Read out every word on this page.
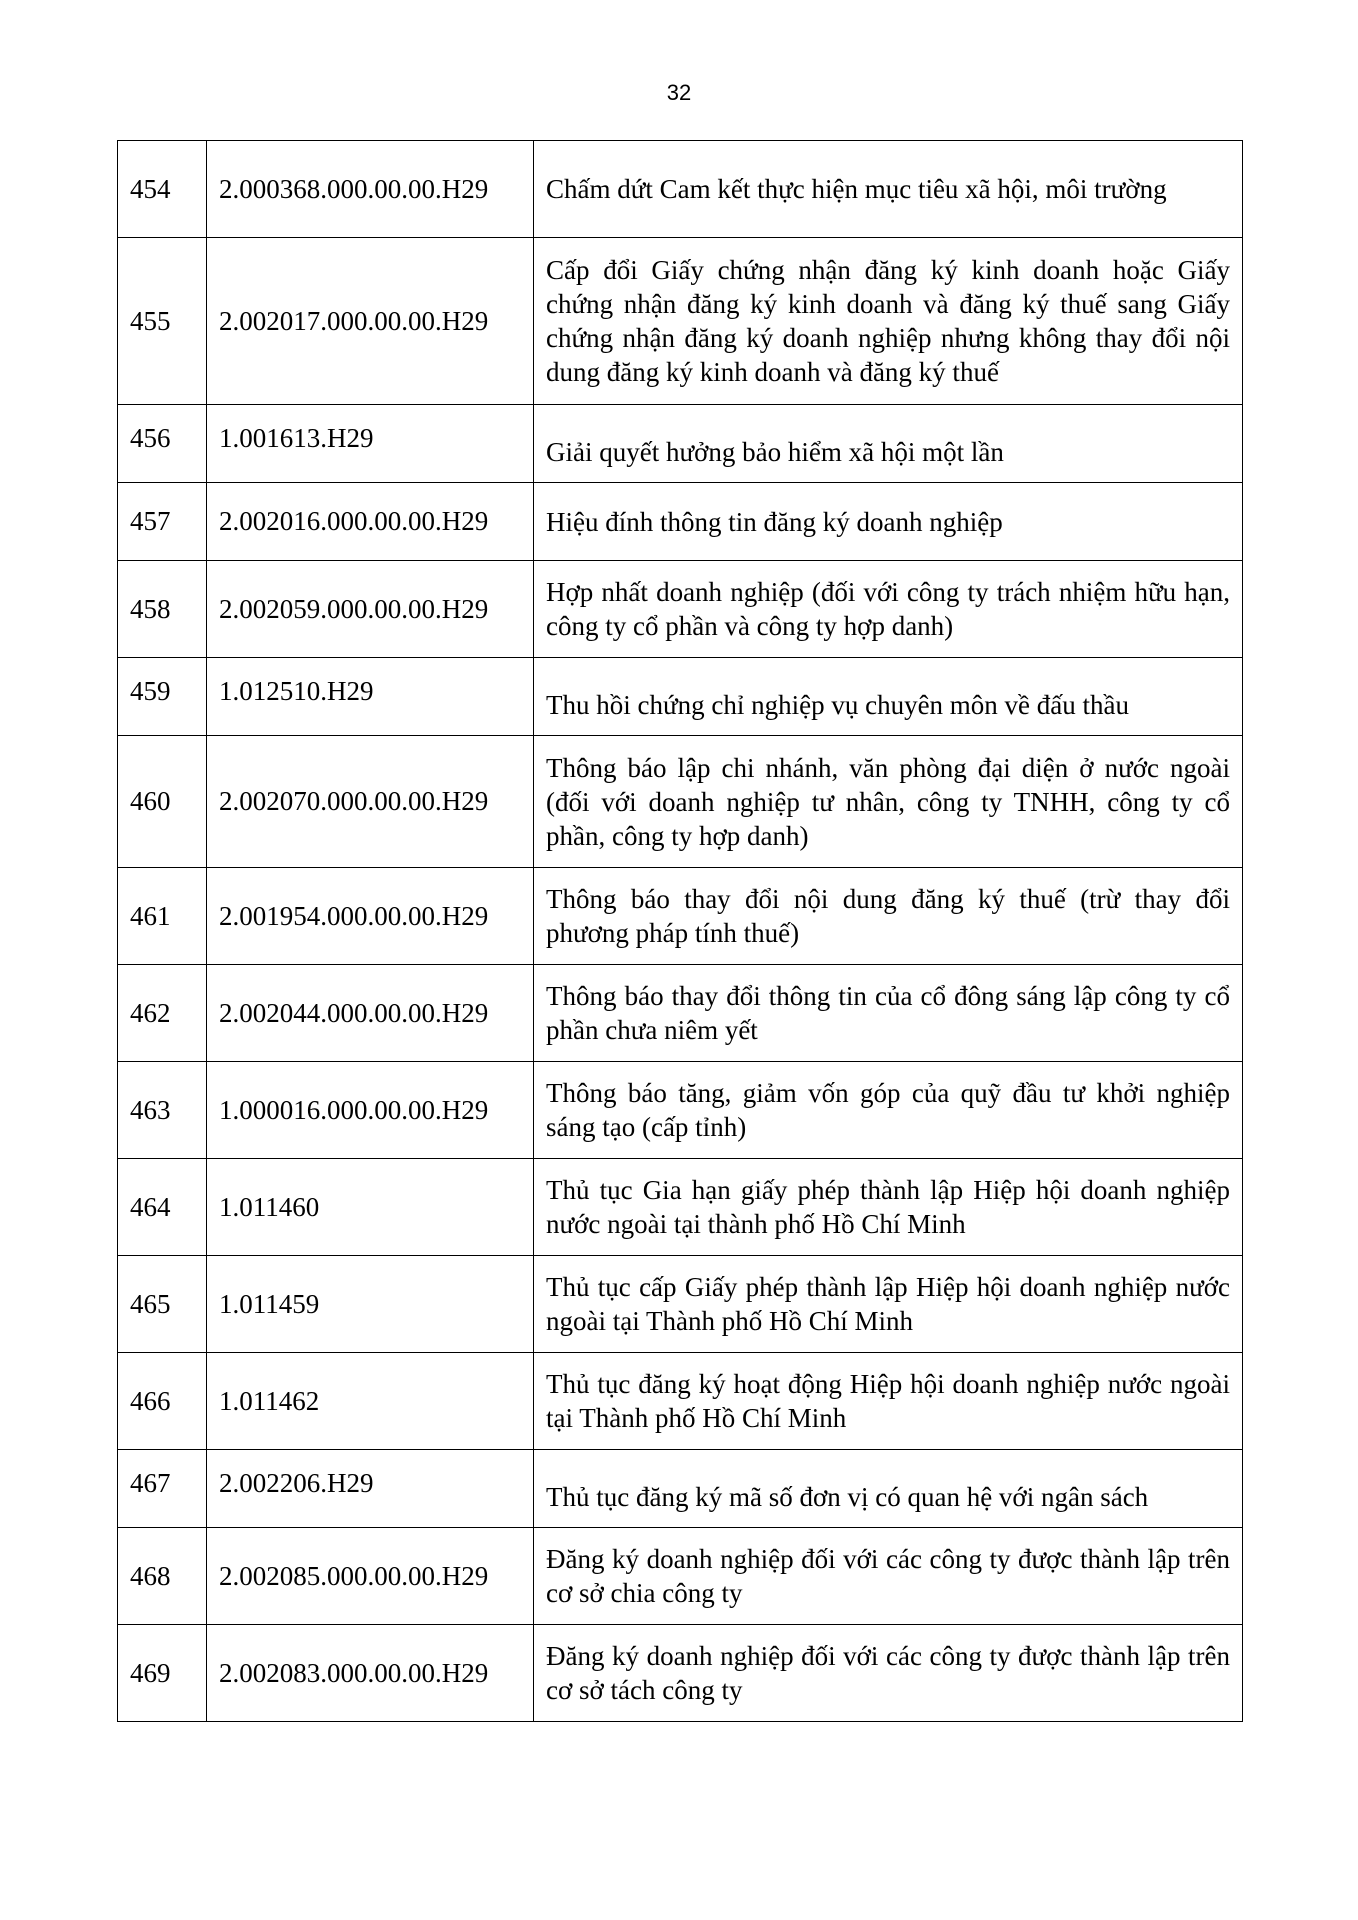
32
454	2.000368.000.00.00.H29	Chấm dứt Cam kết thực hiện mục tiêu xã hội, môi trường
455	2.002017.000.00.00.H29	Cấp đổi Giấy chứng nhận đăng ký kinh doanh hoặc Giấy chứng nhận đăng ký kinh doanh và đăng ký thuế sang Giấy chứng nhận đăng ký doanh nghiệp nhưng không thay đổi nội dung đăng ký kinh doanh và đăng ký thuế
456	1.001613.H29	Giải quyết hưởng bảo hiểm xã hội một lần
457	2.002016.000.00.00.H29	Hiệu đính thông tin đăng ký doanh nghiệp
458	2.002059.000.00.00.H29	Hợp nhất doanh nghiệp (đối với công ty trách nhiệm hữu hạn, công ty cổ phần và công ty hợp danh)
459	1.012510.H29	Thu hồi chứng chỉ nghiệp vụ chuyên môn về đấu thầu
460	2.002070.000.00.00.H29	Thông báo lập chi nhánh, văn phòng đại diện ở nước ngoài (đối với doanh nghiệp tư nhân, công ty TNHH, công ty cổ phần, công ty hợp danh)
461	2.001954.000.00.00.H29	Thông báo thay đổi nội dung đăng ký thuế (trừ thay đổi phương pháp tính thuế)
462	2.002044.000.00.00.H29	Thông báo thay đổi thông tin của cổ đông sáng lập công ty cổ phần chưa niêm yết
463	1.000016.000.00.00.H29	Thông báo tăng, giảm vốn góp của quỹ đầu tư khởi nghiệp sáng tạo (cấp tỉnh)
464	1.011460	Thủ tục Gia hạn giấy phép thành lập Hiệp hội doanh nghiệp nước ngoài tại thành phố Hồ Chí Minh
465	1.011459	Thủ tục cấp Giấy phép thành lập Hiệp hội doanh nghiệp nước ngoài tại Thành phố Hồ Chí Minh
466	1.011462	Thủ tục đăng ký hoạt động Hiệp hội doanh nghiệp nước ngoài tại Thành phố Hồ Chí Minh
467	2.002206.H29	Thủ tục đăng ký mã số đơn vị có quan hệ với ngân sách
468	2.002085.000.00.00.H29	Đăng ký doanh nghiệp đối với các công ty được thành lập trên cơ sở chia công ty
469	2.002083.000.00.00.H29	Đăng ký doanh nghiệp đối với các công ty được thành lập trên cơ sở tách công ty
